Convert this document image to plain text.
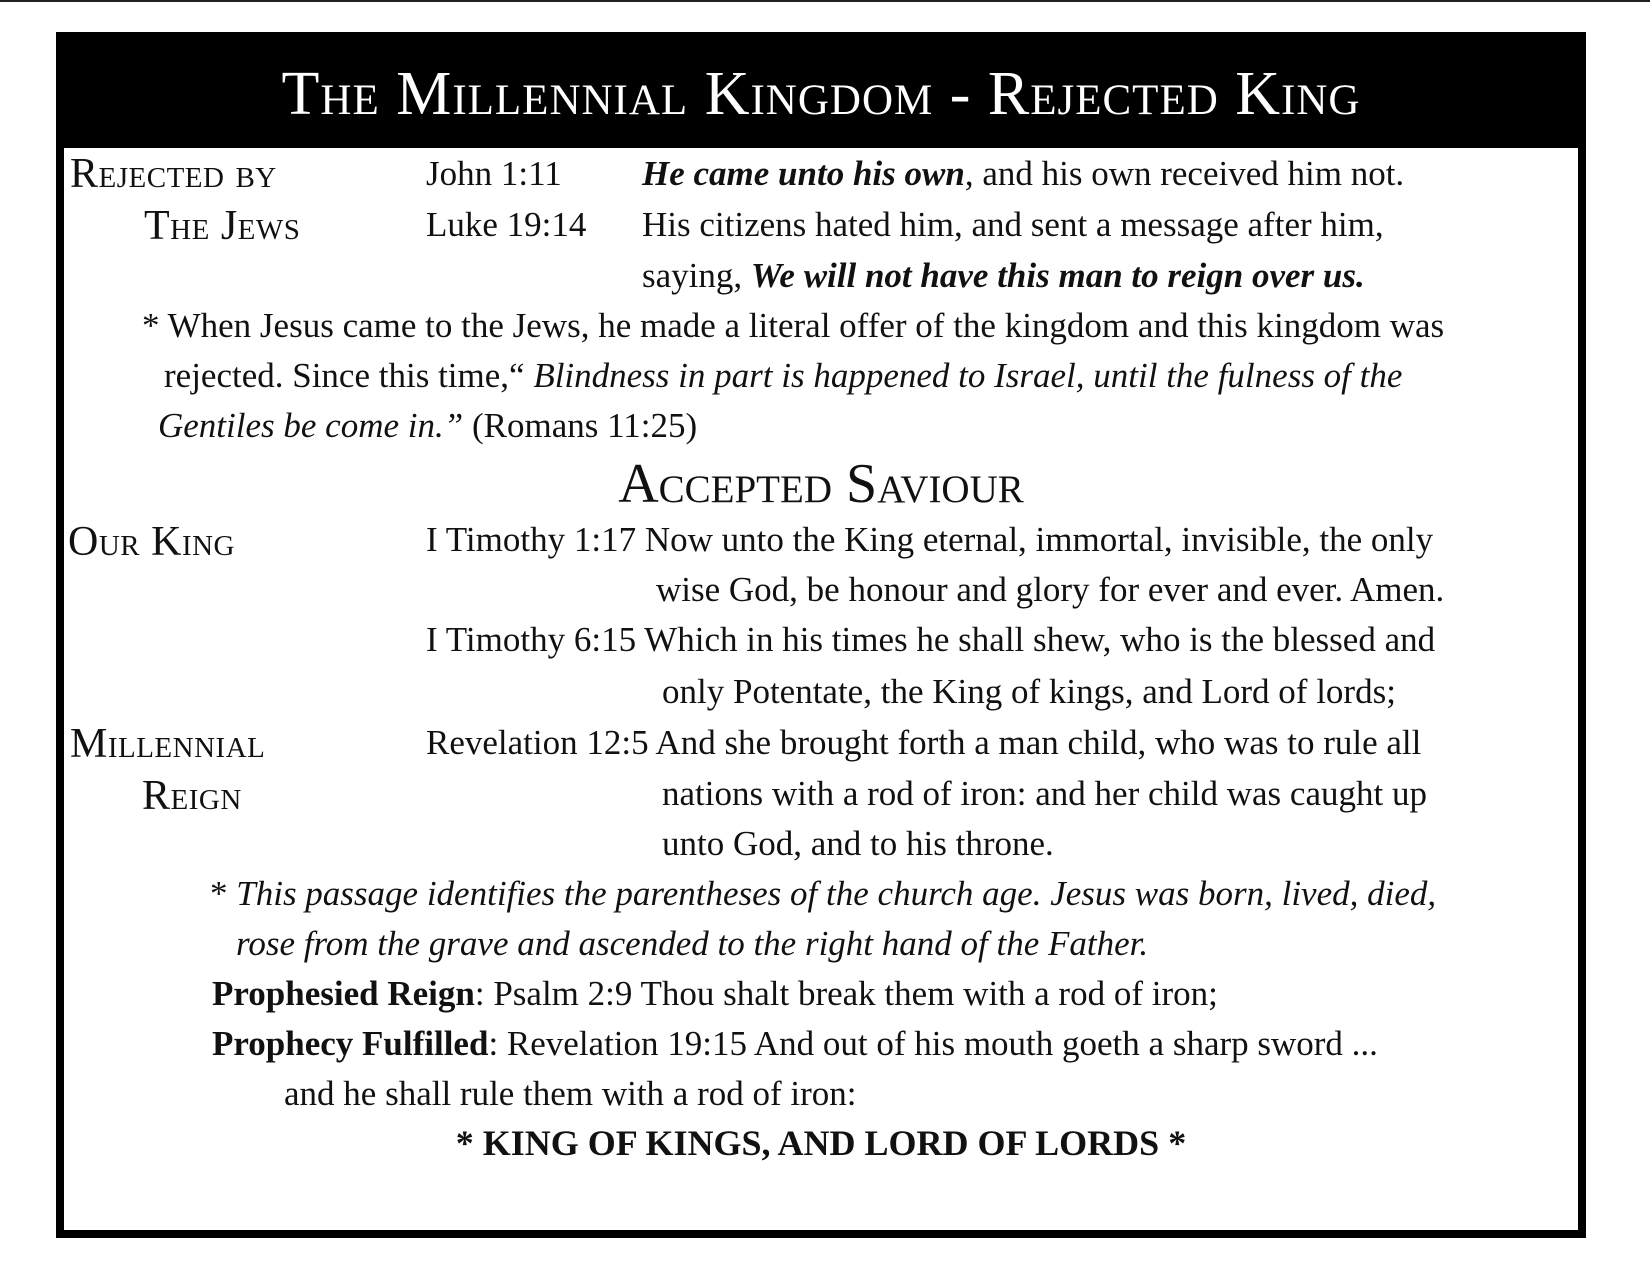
The Millennial Kingdom - Rejected King
Rejected by
The Jews
John 1:11 He came unto his own, and his own received him not.
Luke 19:14 His citizens hated him, and sent a message after him,
saying, We will not have this man to reign over us.
* When Jesus came to the Jews, he made a literal offer of the kingdom and this kingdom was
rejected. Since this time,“ Blindness in part is happened to Israel, until the fulness of the
Gentiles be come in.” (Romans 11:25)
Accepted Saviour
Our King	I Timothy 1:17 Now unto the King eternal, immortal, invisible, the only
wise God, be honour and glory for ever and ever. Amen.
I Timothy 6:15 Which in his times he shall shew, who is the blessed and
only Potentate, the King of kings, and Lord of lords;
Millennial
Reign
Revelation 12:5 And she brought forth a man child, who was to rule all
nations with a rod of iron: and her child was caught up
unto God, and to his throne.
* This passage identifies the parentheses of the church age. Jesus was born, lived, died,
rose from the grave and ascended to the right hand of the Father.
Prophesied Reign: Psalm 2:9 Thou shalt break them with a rod of iron;
Prophecy Fulfilled: Revelation 19:15 And out of his mouth goeth a sharp sword ...
and he shall rule them with a rod of iron:
* KING OF KINGS, AND LORD OF LORDS *
